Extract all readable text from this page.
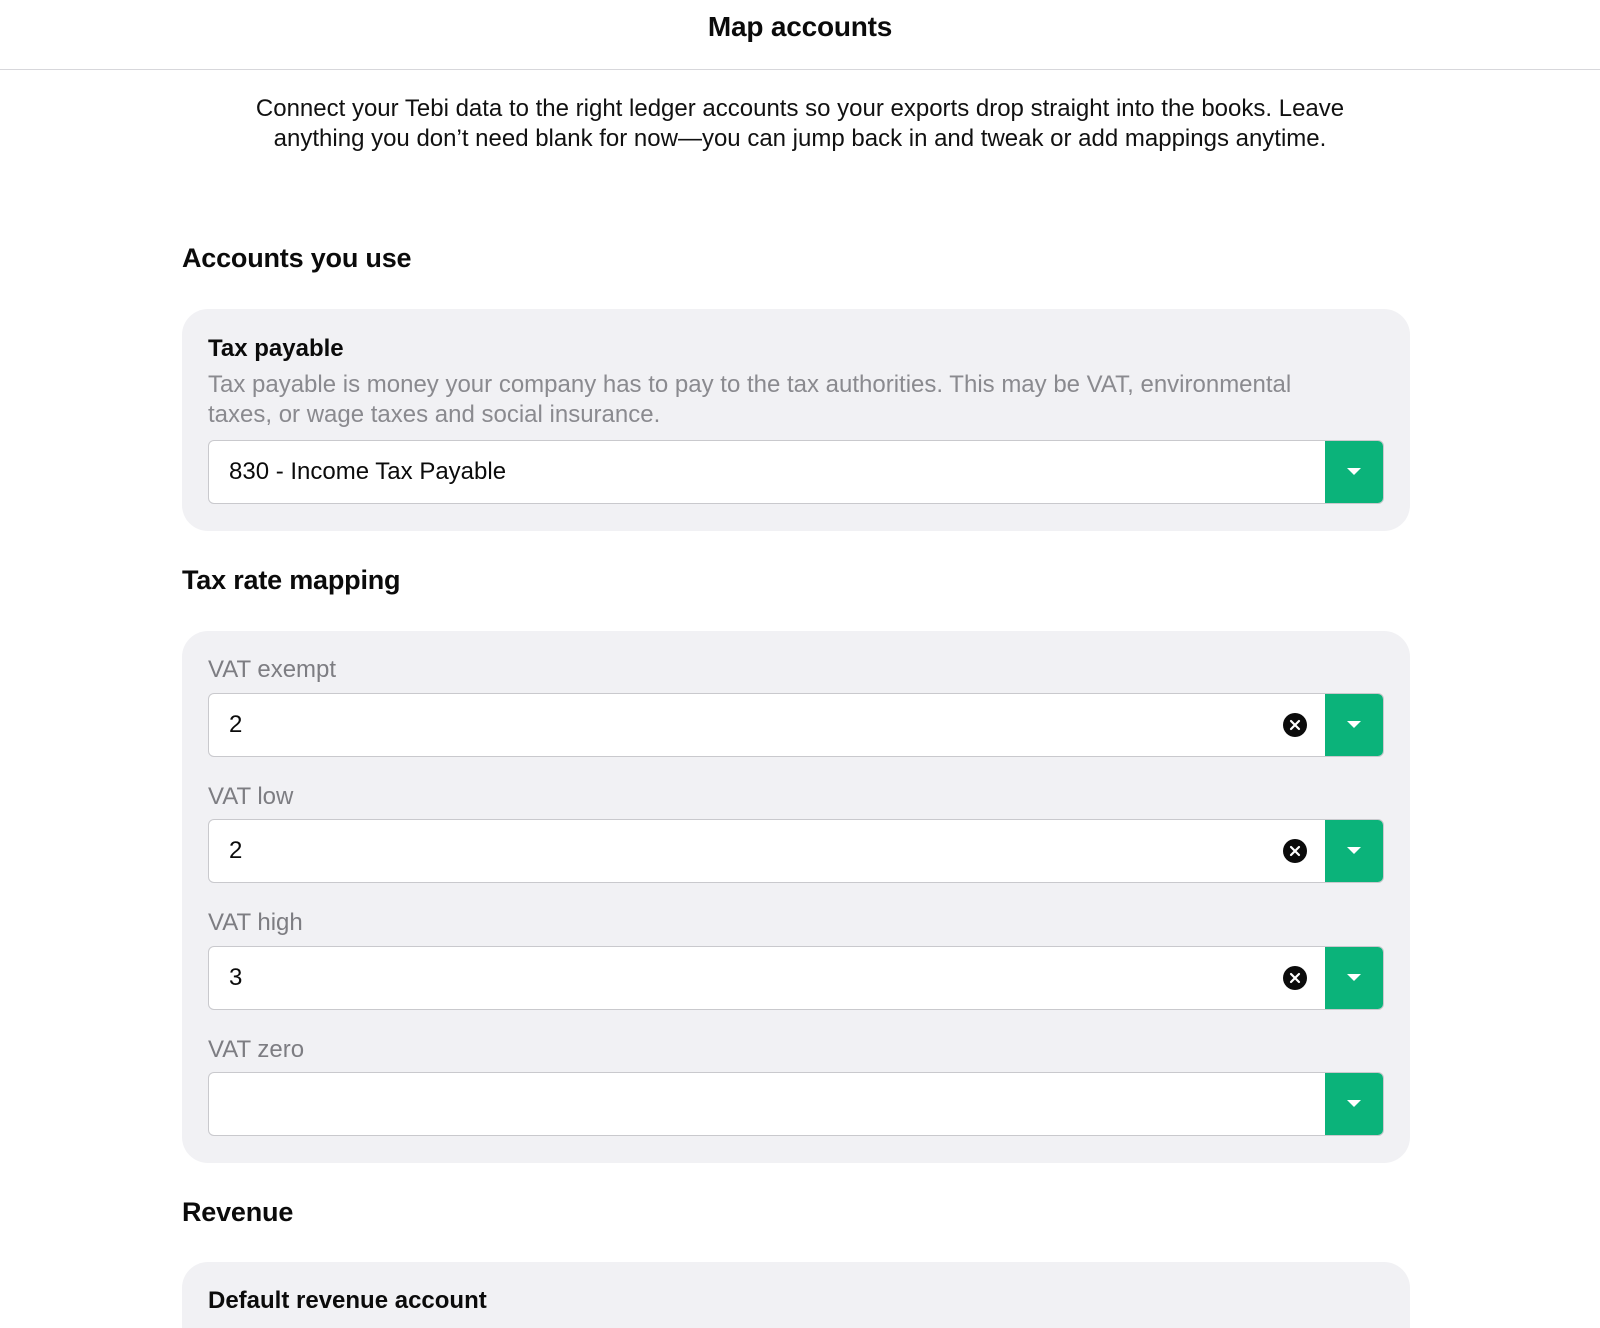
Map accounts
Connect your Tebi data to the right ledger accounts so your exports drop straight into the books. Leave
anything you don’t need blank for now—you can jump back in and tweak or add mappings anytime.
Accounts you use
Tax payable
Tax payable is money your company has to pay to the tax authorities. This may be VAT, environmental
taxes, or wage taxes and social insurance.
830 - Income Tax Payable
Tax rate mapping
VAT exempt
2
VAT low
2
VAT high
3
VAT zero
Revenue
Default revenue account
